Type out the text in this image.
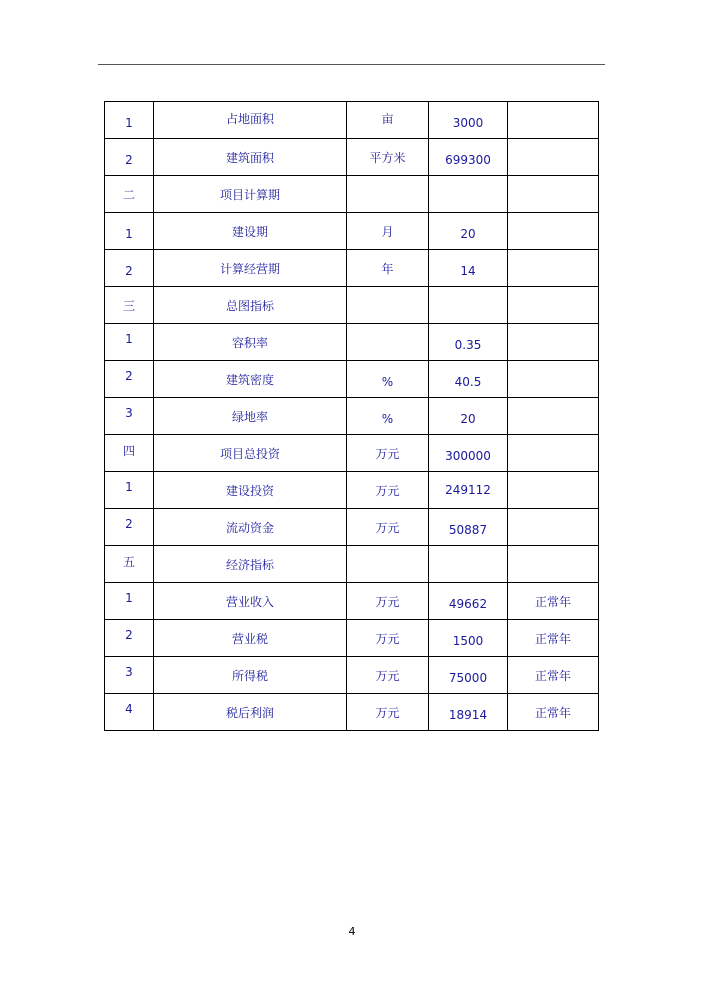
1	占地面积	亩	3000	
2	建筑面积	平方米	699300	
二	项目计算期			
1	建设期	月	20	
2	计算经营期	年	14	
三	总图指标			
1	容积率		0.35	
2	建筑密度	%	40.5	
3	绿地率	%	20	
四	项目总投资	万元	300000	
1	建设投资	万元	249112	
2	流动资金	万元	50887	
五	经济指标			
1	营业收入	万元	49662	正常年
2	营业税	万元	1500	正常年
3	所得税	万元	75000	正常年
4	税后利润	万元	18914	正常年
4
